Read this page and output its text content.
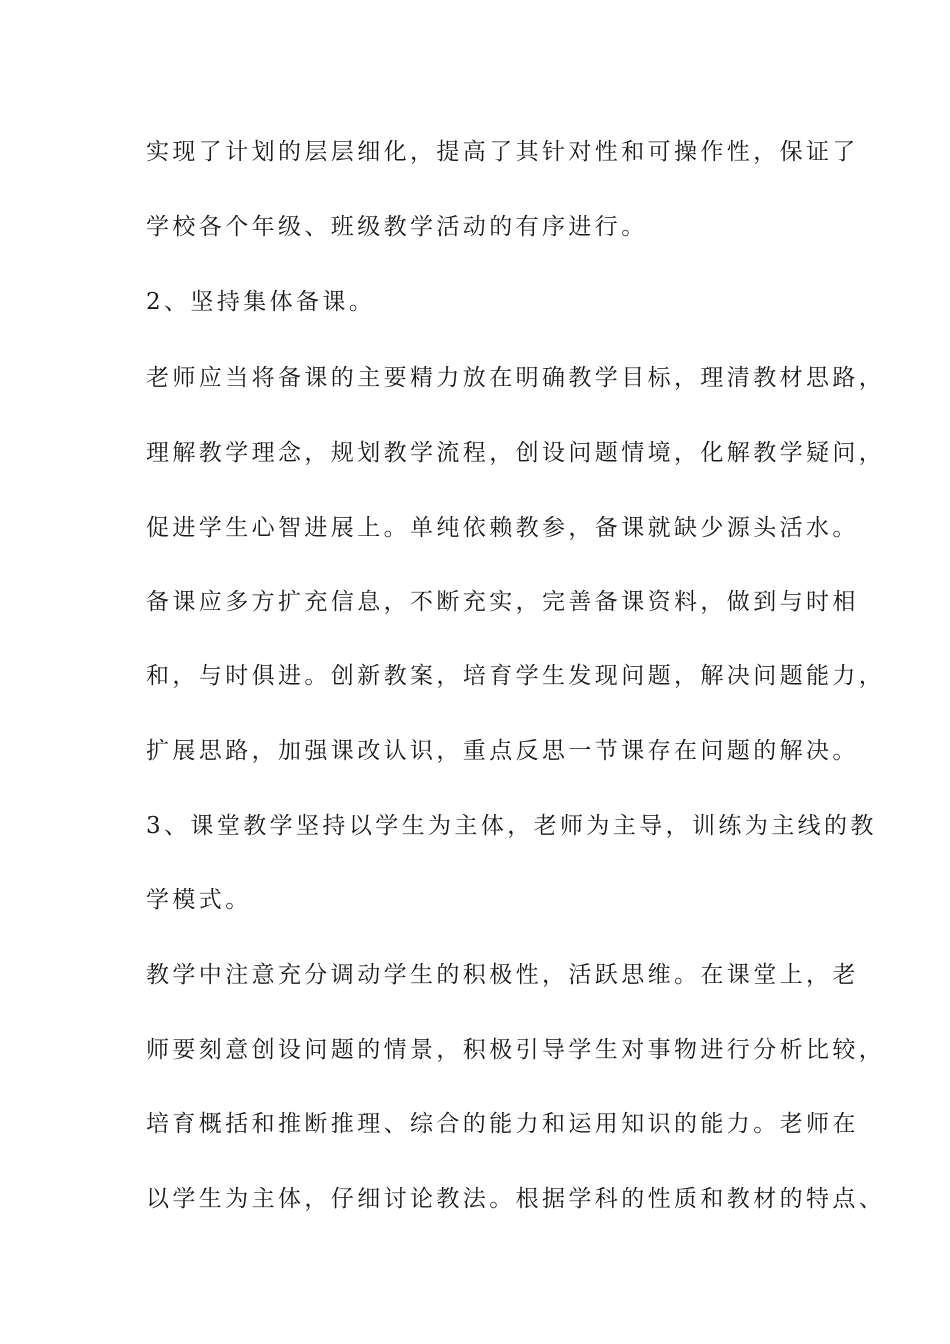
实现了计划的层层细化，提高了其针对性和可操作性，保证了
学校各个年级、班级教学活动的有序进行。
2、坚持集体备课。
老师应当将备课的主要精力放在明确教学目标，理清教材思路，
理解教学理念，规划教学流程，创设问题情境，化解教学疑问，
促进学生心智进展上。单纯依赖教参，备课就缺少源头活水。
备课应多方扩充信息，不断充实，完善备课资料，做到与时相
和，与时俱进。创新教案，培育学生发现问题，解决问题能力，
扩展思路，加强课改认识，重点反思一节课存在问题的解决。
3、课堂教学坚持以学生为主体，老师为主导，训练为主线的教
学模式。
教学中注意充分调动学生的积极性，活跃思维。在课堂上，老
师要刻意创设问题的情景，积极引导学生对事物进行分析比较，
培育概括和推断推理、综合的能力和运用知识的能力。老师在
以学生为主体，仔细讨论教法。根据学科的性质和教材的特点、
